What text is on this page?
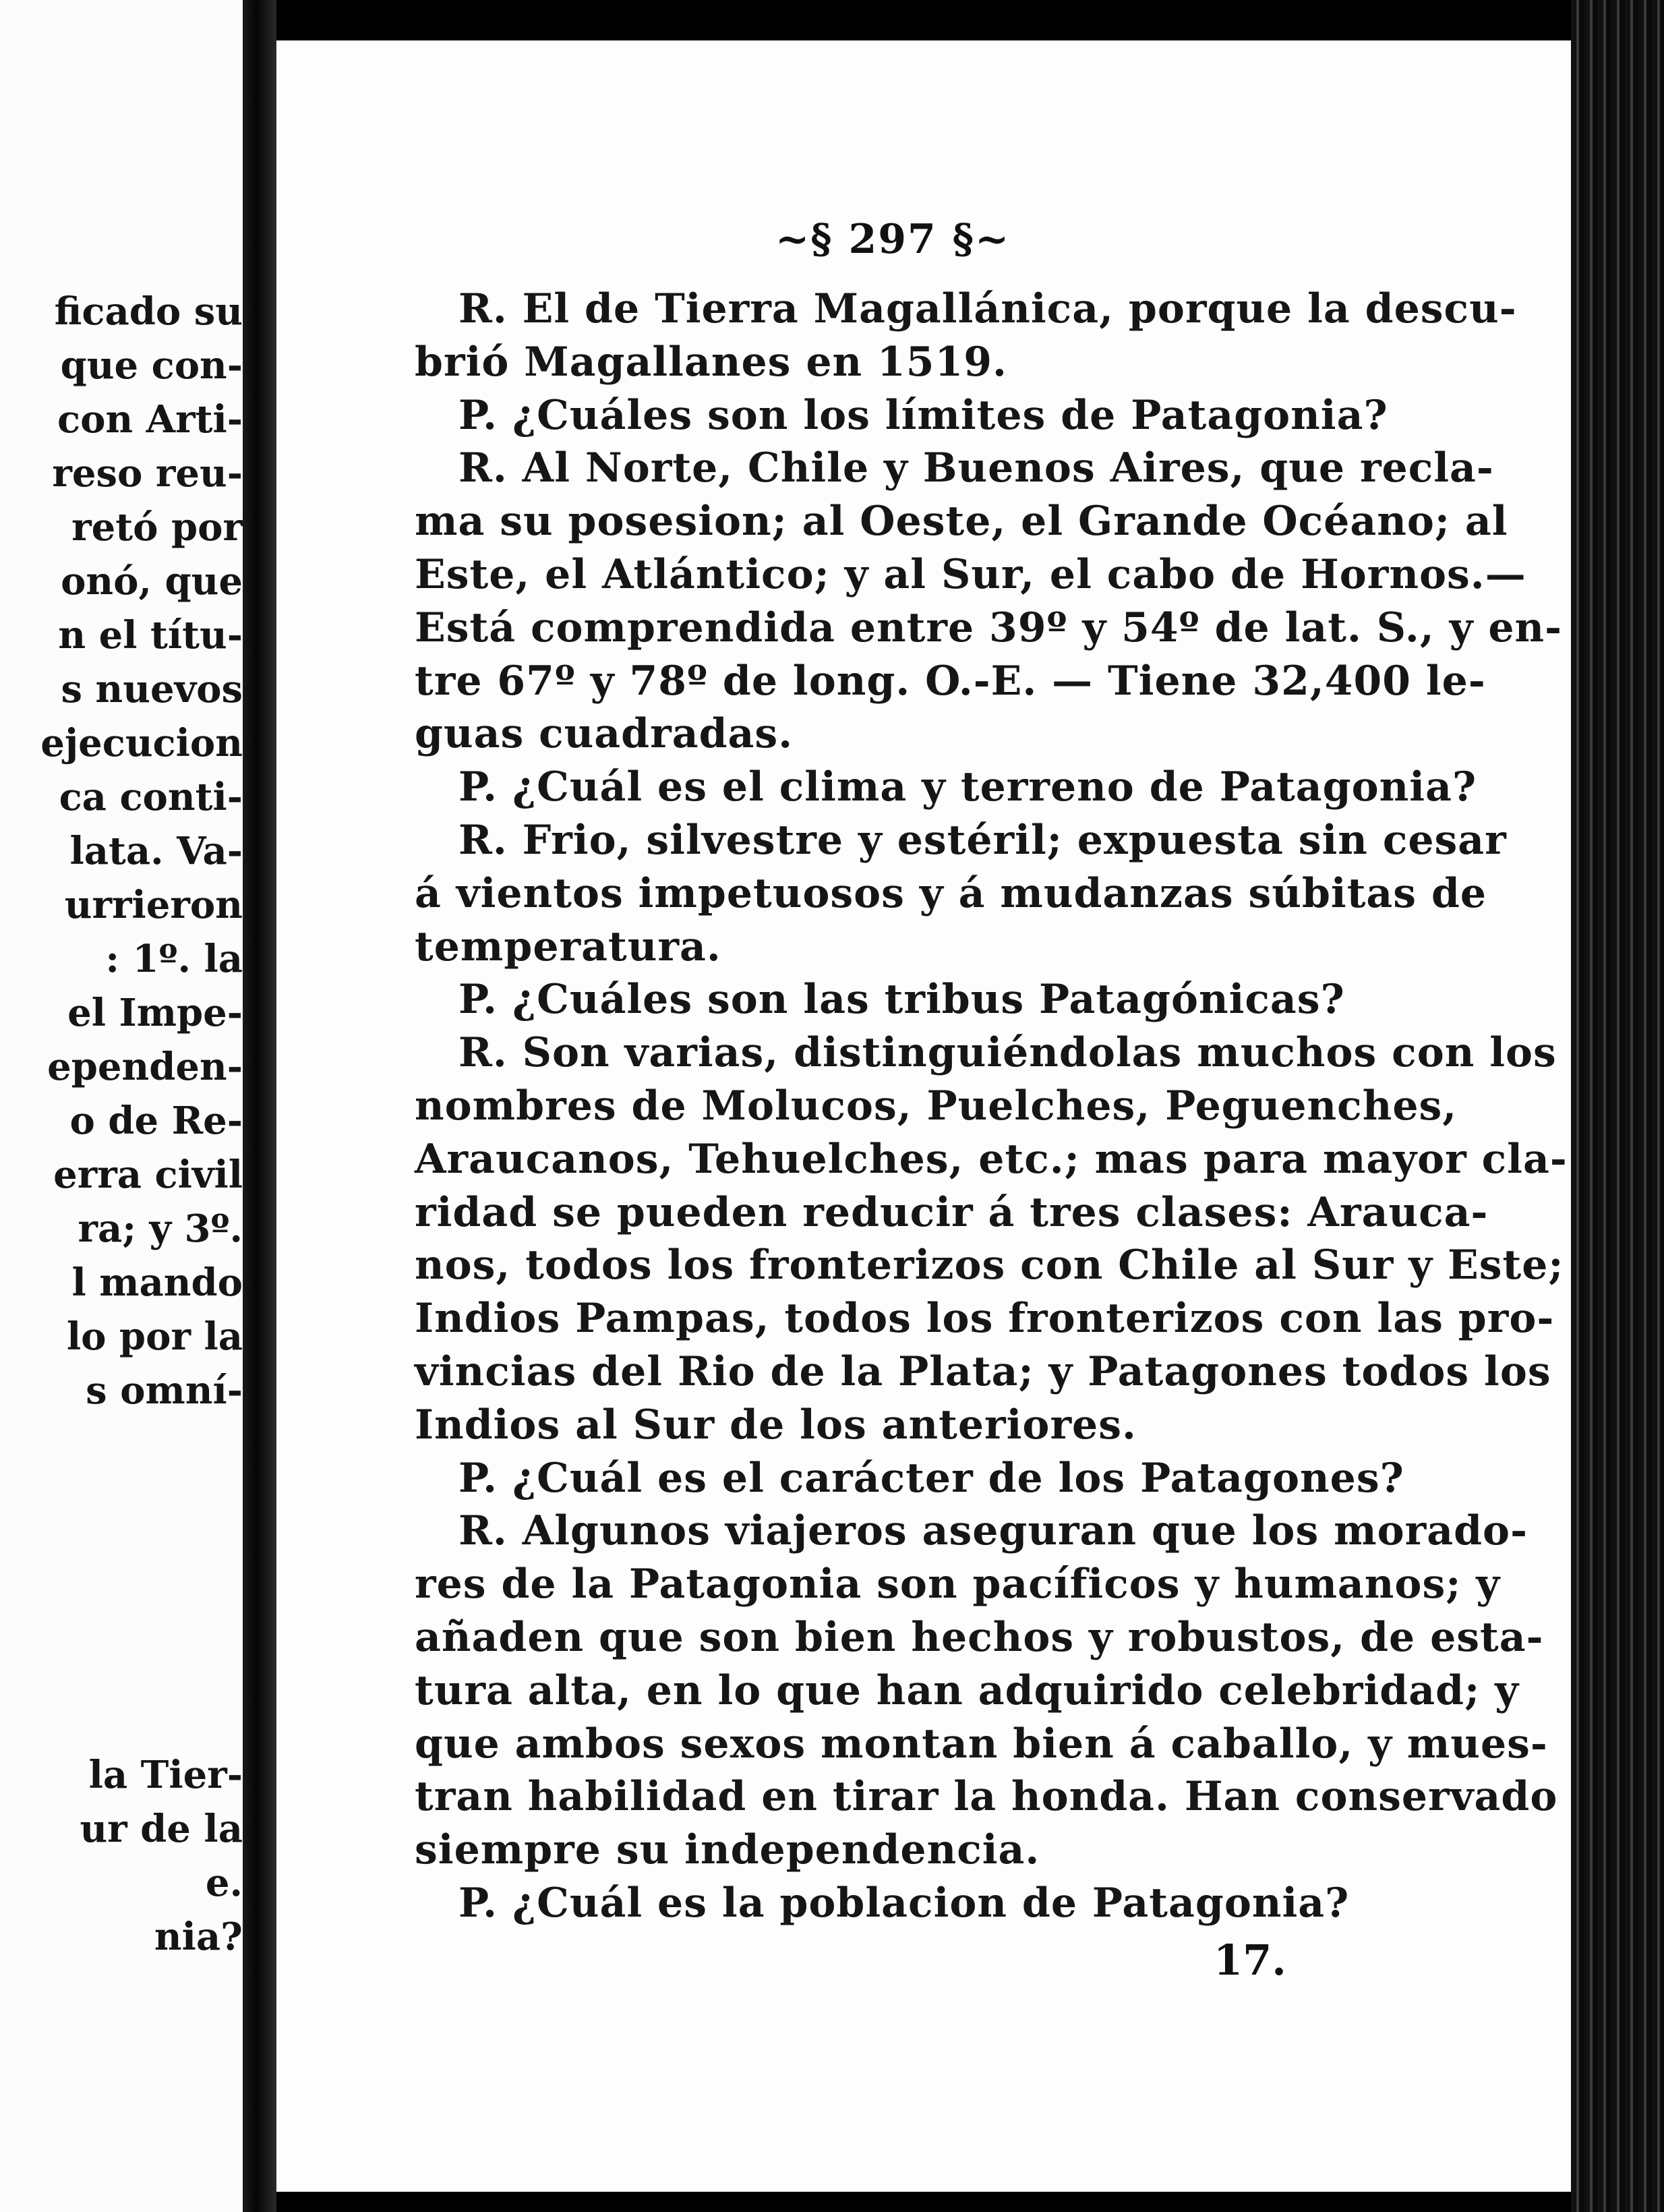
ficado su
que con-
con Arti-
reso reu-
retó por
onó, que
n el títu-
s nuevos
ejecucion
ca conti-
lata. Va-
urrieron
: 1º. la
el Impe-
ependen-
o de Re-
erra civil
ra; y 3º.
l mando
lo por la
s omní-
la Tier-
ur de la
e.
nia?
~§ 297 §~
R. El de Tierra Magallánica, porque la descu-
brió Magallanes en 1519.
P. ¿Cuáles son los límites de Patagonia?
R. Al Norte, Chile y Buenos Aires, que recla-
ma su posesion; al Oeste, el Grande Océano; al
Este, el Atlántico; y al Sur, el cabo de Hornos.—
Está comprendida entre 39º y 54º de lat. S., y en-
tre 67º y 78º de long. O.-E. — Tiene 32,400 le-
guas cuadradas.
P. ¿Cuál es el clima y terreno de Patagonia?
R. Frio, silvestre y estéril; expuesta sin cesar
á vientos impetuosos y á mudanzas súbitas de
temperatura.
P. ¿Cuáles son las tribus Patagónicas?
R. Son varias, distinguiéndolas muchos con los
nombres de Molucos, Puelches, Peguenches,
Araucanos, Tehuelches, etc.; mas para mayor cla-
ridad se pueden reducir á tres clases: Arauca-
nos, todos los fronterizos con Chile al Sur y Este;
Indios Pampas, todos los fronterizos con las pro-
vincias del Rio de la Plata; y Patagones todos los
Indios al Sur de los anteriores.
P. ¿Cuál es el carácter de los Patagones?
R. Algunos viajeros aseguran que los morado-
res de la Patagonia son pacíficos y humanos; y
añaden que son bien hechos y robustos, de esta-
tura alta, en lo que han adquirido celebridad; y
que ambos sexos montan bien á caballo, y mues-
tran habilidad en tirar la honda. Han conservado
siempre su independencia.
P. ¿Cuál es la poblacion de Patagonia?
17.
